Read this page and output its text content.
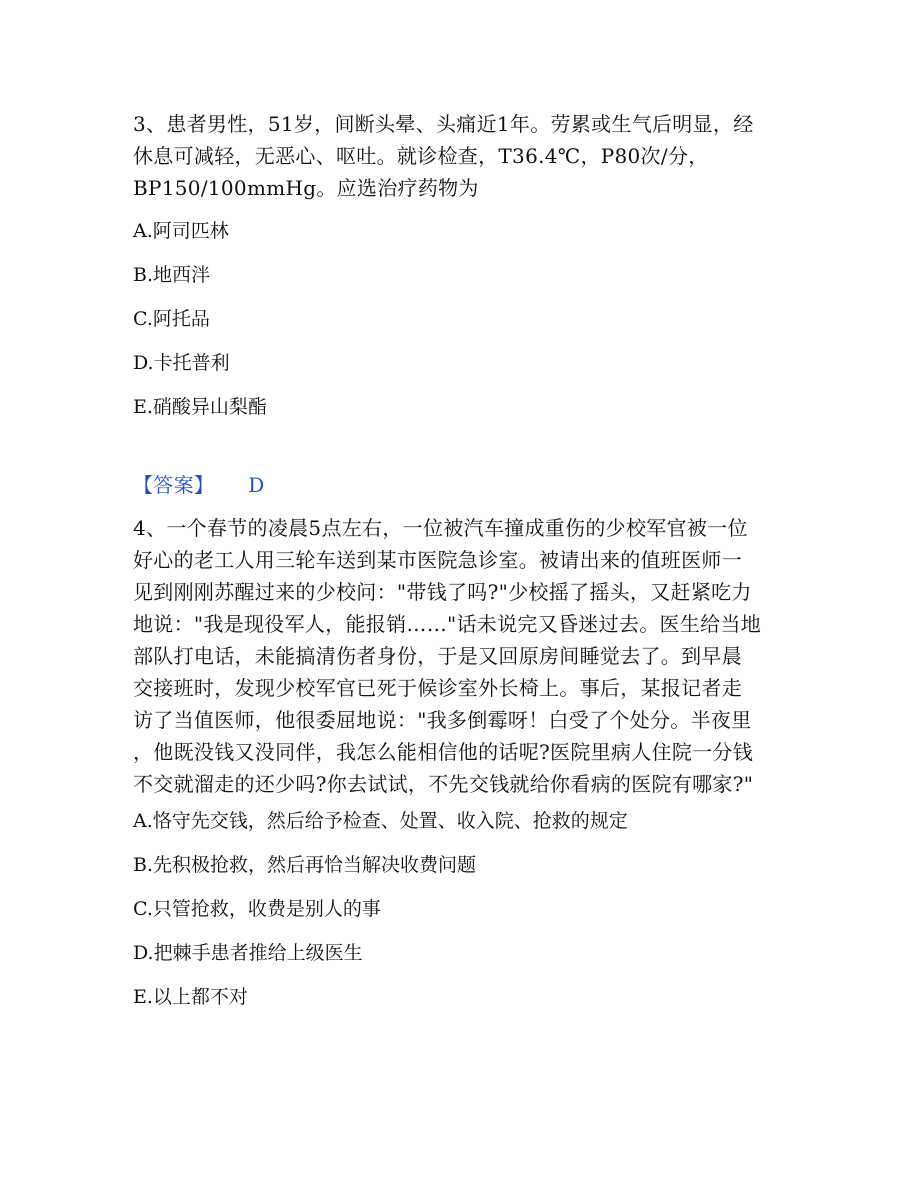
3、患者男性，51岁，间断头晕、头痛近1年。劳累或生气后明显，经
休息可减轻，无恶心、呕吐。就诊检查，T36.4℃，P80次/分，
BP150/100mmHg。应选治疗药物为
A.阿司匹林
B.地西泮
C.阿托品
D.卡托普利
E.硝酸异山梨酯
【答案】 D
4、一个春节的凌晨5点左右，一位被汽车撞成重伤的少校军官被一位
好心的老工人用三轮车送到某市医院急诊室。被请出来的值班医师一
见到刚刚苏醒过来的少校问："带钱了吗?"少校摇了摇头，又赶紧吃力
地说："我是现役军人，能报销……"话未说完又昏迷过去。医生给当地
部队打电话，未能搞清伤者身份，于是又回原房间睡觉去了。到早晨
交接班时，发现少校军官已死于候诊室外长椅上。事后，某报记者走
访了当值医师，他很委屈地说："我多倒霉呀！白受了个处分。半夜里
，他既没钱又没同伴，我怎么能相信他的话呢?医院里病人住院一分钱
不交就溜走的还少吗?你去试试，不先交钱就给你看病的医院有哪家?"
A.恪守先交钱，然后给予检查、处置、收入院、抢救的规定
B.先积极抢救，然后再恰当解决收费问题
C.只管抢救，收费是别人的事
D.把棘手患者推给上级医生
E.以上都不对
